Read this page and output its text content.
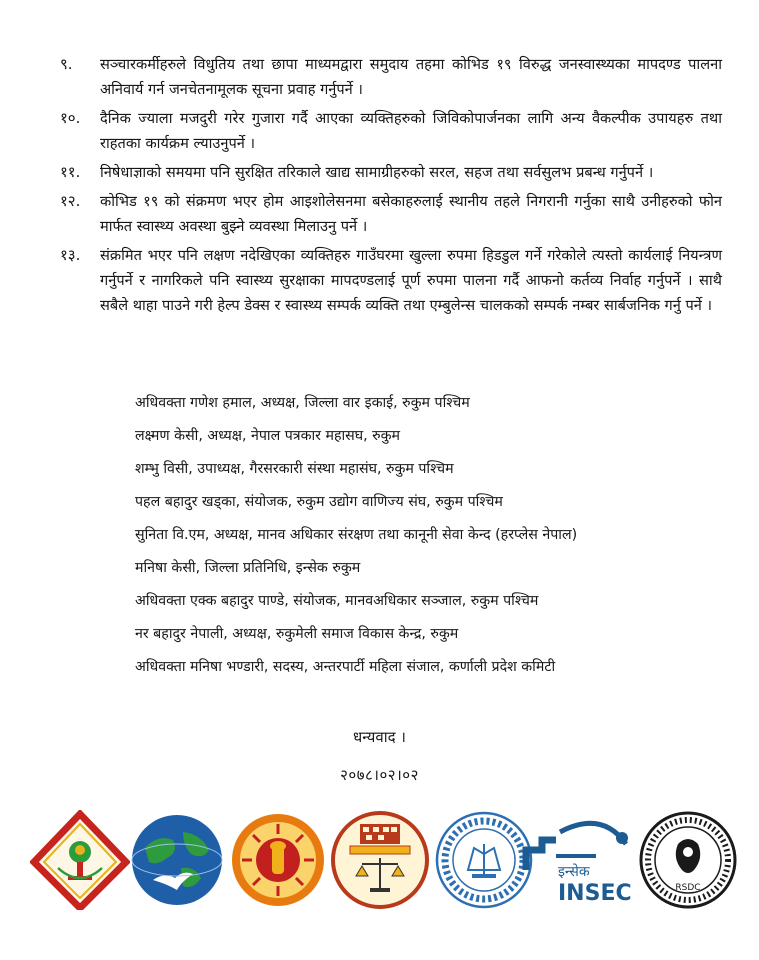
९.	सञ्चारकर्मीहरुले विधुतिय तथा छापा माध्यमद्वारा समुदाय तहमा कोभिड १९ विरुद्ध जनस्वास्थ्यका मापदण्ड पालना अनिवार्य गर्न जनचेतनामूलक सूचना प्रवाह गर्नुपर्ने ।
१०.	दैनिक ज्याला मजदुरी गरेर गुजारा गर्दै आएका व्यक्तिहरुको जिविकोपार्जनका लागि अन्य वैकल्पीक उपायहरु तथा राहतका कार्यक्रम ल्याउनुपर्ने ।
११.	निषेधाज्ञाको समयमा पनि सुरक्षित तरिकाले खाद्य सामाग्रीहरुको सरल, सहज तथा सर्वसुलभ प्रबन्ध गर्नुपर्ने ।
१२.	कोभिड १९ को संक्रमण भएर होम आइशोलेसनमा बसेकाहरुलाई स्थानीय तहले निगरानी गर्नुका साथै उनीहरुको फोन मार्फत स्वास्थ्य अवस्था बुझ्ने व्यवस्था मिलाउनु पर्ने ।
१३.	संक्रमित भएर पनि लक्षण नदेखिएका व्यक्तिहरु गाउँघरमा खुल्ला रुपमा हिडडुल गर्ने गरेकोले त्यस्तो कार्यलाई नियन्त्रण गर्नुपर्ने र नागरिकले पनि स्वास्थ्य सुरक्षाका मापदण्डलाई पूर्ण रुपमा पालना गर्दै आफनो कर्तव्य निर्वाह गर्नुपर्ने । साथै सबैले थाहा पाउने गरी हेल्प डेक्स र स्वास्थ्य सम्पर्क व्यक्ति तथा एम्बुलेन्स चालकको सम्पर्क नम्बर सार्बजनिक गर्नु पर्ने ।
अधिवक्ता गणेश हमाल, अध्यक्ष, जिल्ला वार इकाई, रुकुम पश्चिम
लक्ष्मण केसी, अध्यक्ष, नेपाल पत्रकार महासघ, रुकुम
शम्भु विसी, उपाध्यक्ष, गैरसरकारी संस्था महासंघ, रुकुम पश्चिम
पहल बहादुर खड्का, संयोजक, रुकुम उद्योग वाणिज्य संघ, रुकुम पश्चिम
सुनिता वि.एम, अध्यक्ष, मानव अधिकार संरक्षण तथा कानूनी सेवा केन्द (हरप्लेस नेपाल)
मनिषा केसी, जिल्ला प्रतिनिधि, इन्सेक रुकुम
अधिवक्ता एक्क बहादुर पाण्डे, संयोजक, मानवअधिकार सञ्जाल, रुकुम पश्चिम
नर बहादुर नेपाली, अध्यक्ष, रुकुमेली समाज विकास केन्द्र, रुकुम
अधिवक्ता मनिषा भण्डारी, सदस्य, अन्तरपार्टी महिला संजाल, कर्णाली प्रदेश कमिटी
धन्यवाद ।
२०७८।०२।०२
इन्सेक
INSEC	RSDC
